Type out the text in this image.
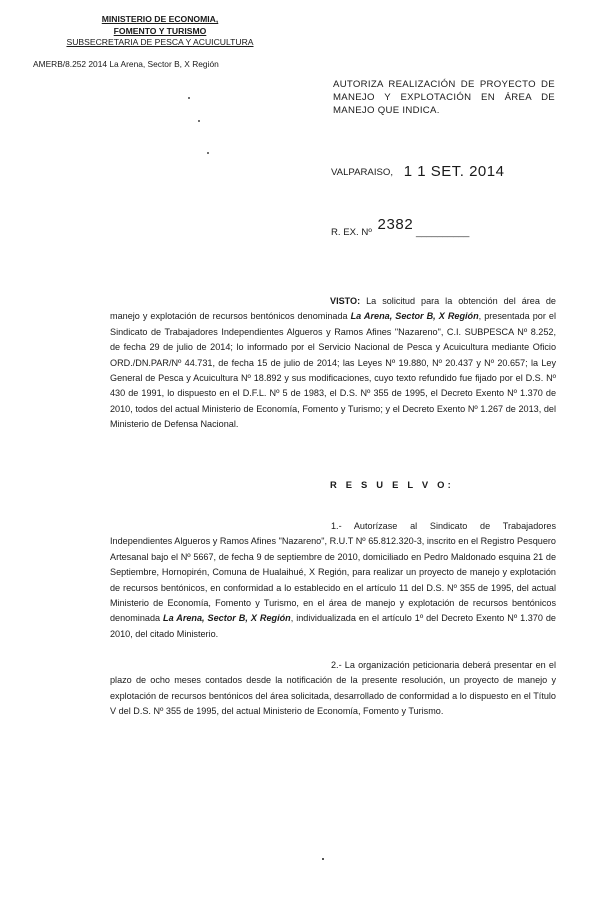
MINISTERIO DE ECONOMIA,
FOMENTO Y TURISMO
SUBSECRETARIA DE PESCA Y ACUICULTURA
AMERB/8.252 2014 La Arena, Sector B, X Región
AUTORIZA REALIZACIÓN DE PROYECTO DE MANEJO Y EXPLOTACIÓN EN ÁREA DE MANEJO QUE INDICA.
VALPARAISO, 1 1 SET. 2014
R. EX. Nº 2382 __________
VISTO: La solicitud para la obtención del área de manejo y explotación de recursos bentónicos denominada La Arena, Sector B, X Región, presentada por el Sindicato de Trabajadores Independientes Algueros y Ramos Afines "Nazareno", C.I. SUBPESCA Nº 8.252, de fecha 29 de julio de 2014; lo informado por el Servicio Nacional de Pesca y Acuicultura mediante Oficio ORD./DN.PAR/Nº 44.731, de fecha 15 de julio de 2014; las Leyes Nº 19.880, Nº 20.437 y Nº 20.657; la Ley General de Pesca y Acuicultura Nº 18.892 y sus modificaciones, cuyo texto refundido fue fijado por el D.S. Nº 430 de 1991, lo dispuesto en el D.F.L. Nº 5 de 1983, el D.S. Nº 355 de 1995, el Decreto Exento Nº 1.370 de 2010, todos del actual Ministerio de Economía, Fomento y Turismo; y el Decreto Exento Nº 1.267 de 2013, del Ministerio de Defensa Nacional.
R E S U E L V O:
1.- Autorízase al Sindicato de Trabajadores Independientes Algueros y Ramos Afines "Nazareno", R.U.T Nº 65.812.320-3, inscrito en el Registro Pesquero Artesanal bajo el Nº 5667, de fecha 9 de septiembre de 2010, domiciliado en Pedro Maldonado esquina 21 de Septiembre, Hornopirén, Comuna de Hualaihué, X Región, para realizar un proyecto de manejo y explotación de recursos bentónicos, en conformidad a lo establecido en el artículo 11 del D.S. Nº 355 de 1995, del actual Ministerio de Economía, Fomento y Turismo, en el área de manejo y explotación de recursos bentónicos denominada La Arena, Sector B, X Región, individualizada en el artículo 1º del Decreto Exento Nº 1.370 de 2010, del citado Ministerio.
2.- La organización peticionaria deberá presentar en el plazo de ocho meses contados desde la notificación de la presente resolución, un proyecto de manejo y explotación de recursos bentónicos del área solicitada, desarrollado de conformidad a lo dispuesto en el Título V del D.S. Nº 355 de 1995, del actual Ministerio de Economía, Fomento y Turismo.
